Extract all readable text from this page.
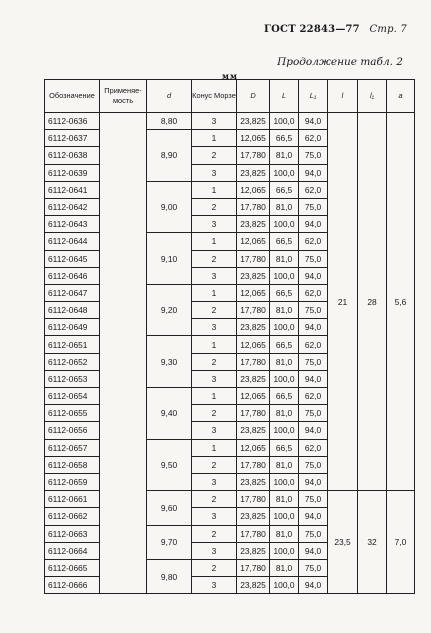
ГОСТ 22843—77 Стр. 7
Продолжение табл. 2
мм
Обозначение	Применяе-мость	d	Конус Морзе	D	L	L₁	l	l₁	a
6112-0636		8,80	3	23,825	100,0	94,0	21	28	5,6
6112-0637		8,90	1	12,065	66,5	62,0			
6112-0638			2	17,780	81,0	75,0			
6112-0639			3	23,825	100,0	94,0			
6112-0641		9,00	1	12,065	66,5	62,0			
6112-0642			2	17,780	81,0	75,0			
6112-0643			3	23,825	100,0	94,0			
6112-0644		9,10	1	12,065	66,5	62,0			
6112-0645			2	17,780	81,0	75,0			
6112-0646			3	23,825	100,0	94,0			
6112-0647		9,20	1	12,065	66,5	62,0			
6112-0648			2	17,780	81,0	75,0			
6112-0649			3	23,825	100,0	94,0			
6112-0651		9,30	1	12,065	66,5	62,0			
6112-0652			2	17,780	81,0	75,0			
6112-0653			3	23,825	100,0	94,0			
6112-0654		9,40	1	12,065	66,5	62,0			
6112-0655			2	17,780	81,0	75,0			
6112-0656			3	23,825	100,0	94,0			
6112-0657		9,50	1	12,065	66,5	62,0			
6112-0658			2	17,780	81,0	75,0			
6112-0659			3	23,825	100,0	94,0			
6112-0661		9,60	2	17,780	81,0	75,0	23,5	32	7,0
6112-0662			3	23,825	100,0	94,0			
6112-0663		9,70	2	17,780	81,0	75,0			
6112-0664			3	23,825	100,0	94,0			
6112-0665		9,80	2	17,780	81,0	75,0			
6112-0666			3	23,825	100,0	94,0			
